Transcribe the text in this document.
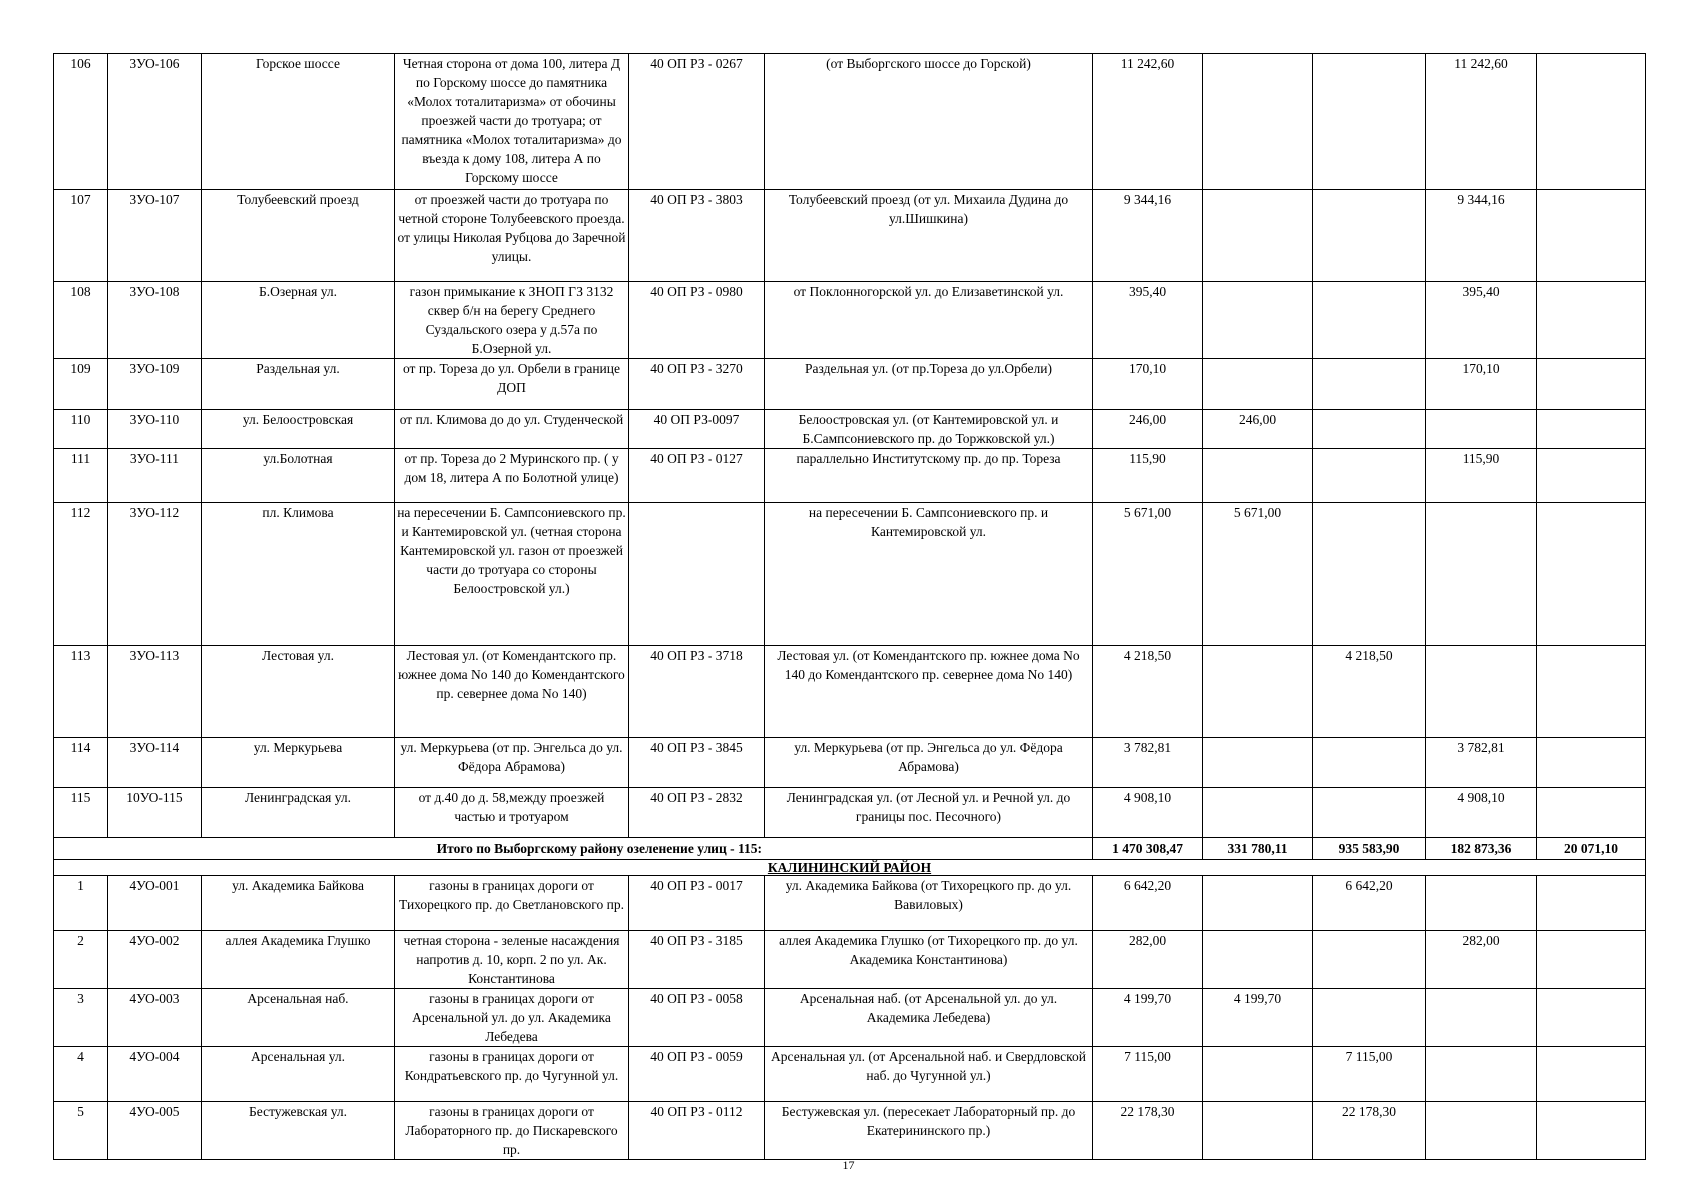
106	3УО-106	Горское шоссе	Четная сторона от дома 100, литера Д по Горскому шоссе до памятника «Молох тоталитаризма» от обочины проезжей части до тротуара; от памятника «Молох тоталитаризма» до въезда к дому 108, литера А по Горскому шоссе	40 ОП РЗ - 0267	(от Выборгского шоссе до Горской)	11 242,60			11 242,60	
107	3УО-107	Толубеевский проезд	от проезжей части до тротуара по четной стороне Толубеевского проезда. от улицы Николая Рубцова до Заречной улицы.	40 ОП РЗ - 3803	Толубеевский проезд (от ул. Михаила Дудина до ул.Шишкина)	9 344,16			9 344,16	
108	3УО-108	Б.Озерная ул.	газон примыкание к ЗНОП ГЗ 3132 сквер б/н на берегу Среднего Суздальского озера у д.57а по Б.Озерной ул.	40 ОП РЗ - 0980	от Поклонногорской ул. до Елизаветинской ул.	395,40			395,40	
109	3УО-109	Раздельная ул.	от пр. Тореза до ул. Орбели в границе ДОП	40 ОП РЗ - 3270	Раздельная ул. (от пр.Тореза до ул.Орбели)	170,10			170,10	
110	3УО-110	ул. Белоостровская	от пл. Климова до до ул. Студенческой	40 ОП РЗ-0097	Белоостровская ул. (от Кантемировской ул. и Б.Сампсониевского пр. до Торжковской ул.)	246,00	246,00			
111	3УО-111	ул.Болотная	от пр. Тореза до 2 Муринского пр. ( у дом 18, литера А по Болотной улице)	40 ОП РЗ - 0127	параллельно Институтскому пр. до пр. Тореза	115,90			115,90	
112	3УО-112	пл. Климова	на пересечении Б. Сампсониевского пр. и Кантемировской ул. (четная сторона Кантемировской ул. газон от проезжей части до тротуара со стороны Белоостровской ул.)		на пересечении Б. Сампсониевского пр. и Кантемировской ул.	5 671,00	5 671,00			
113	3УО-113	Лестовая ул.	Лестовая ул. (от Комендантского пр. южнее дома No 140 до Комендантского пр. севернее дома No 140)	40 ОП РЗ - 3718	Лестовая ул. (от Комендантского пр. южнее дома No 140 до Комендантского пр. севернее дома No 140)	4 218,50		4 218,50		
114	3УО-114	ул. Меркурьева	ул. Меркурьева (от пр. Энгельса до ул. Фёдора Абрамова)	40 ОП РЗ - 3845	ул. Меркурьева (от пр. Энгельса до ул. Фёдора Абрамова)	3 782,81			3 782,81	
115	10УО-115	Ленинградская ул.	от д.40 до д. 58,между проезжей частью и тротуаром	40 ОП РЗ - 2832	Ленинградская ул. (от Лесной ул. и Речной ул. до границы пос. Песочного)	4 908,10			4 908,10	
Итого по Выборгскому району озеленение улиц - 115:						1 470 308,47	331 780,11	935 583,90	182 873,36	20 071,10
КАЛИНИНСКИЙ РАЙОН										
1	4УО-001	ул. Академика Байкова	газоны в границах дороги от Тихорецкого пр. до Светлановского пр.	40 ОП РЗ - 0017	ул. Академика Байкова (от Тихорецкого пр. до ул. Вавиловых)	6 642,20		6 642,20		
2	4УО-002	аллея Академика Глушко	четная сторона - зеленые насаждения напротив д. 10, корп. 2 по ул. Ак. Константинова	40 ОП РЗ - 3185	аллея Академика Глушко (от Тихорецкого пр. до ул. Академика Константинова)	282,00			282,00	
3	4УО-003	Арсенальная наб.	газоны в границах дороги от Арсенальной ул. до ул. Академика Лебедева	40 ОП РЗ - 0058	Арсенальная наб. (от Арсенальной ул. до ул. Академика Лебедева)	4 199,70	4 199,70			
4	4УО-004	Арсенальная ул.	газоны в границах дороги от Кондратьевского пр. до Чугунной ул.	40 ОП РЗ - 0059	Арсенальная ул. (от Арсенальной наб. и Свердловской наб. до Чугунной ул.)	7 115,00		7 115,00		
5	4УО-005	Бестужевская ул.	газоны в границах дороги от Лабораторного пр. до Пискаревского пр.	40 ОП РЗ - 0112	Бестужевская ул. (пересекает Лабораторный пр. до Екатерининского пр.)	22 178,30		22 178,30		
17
